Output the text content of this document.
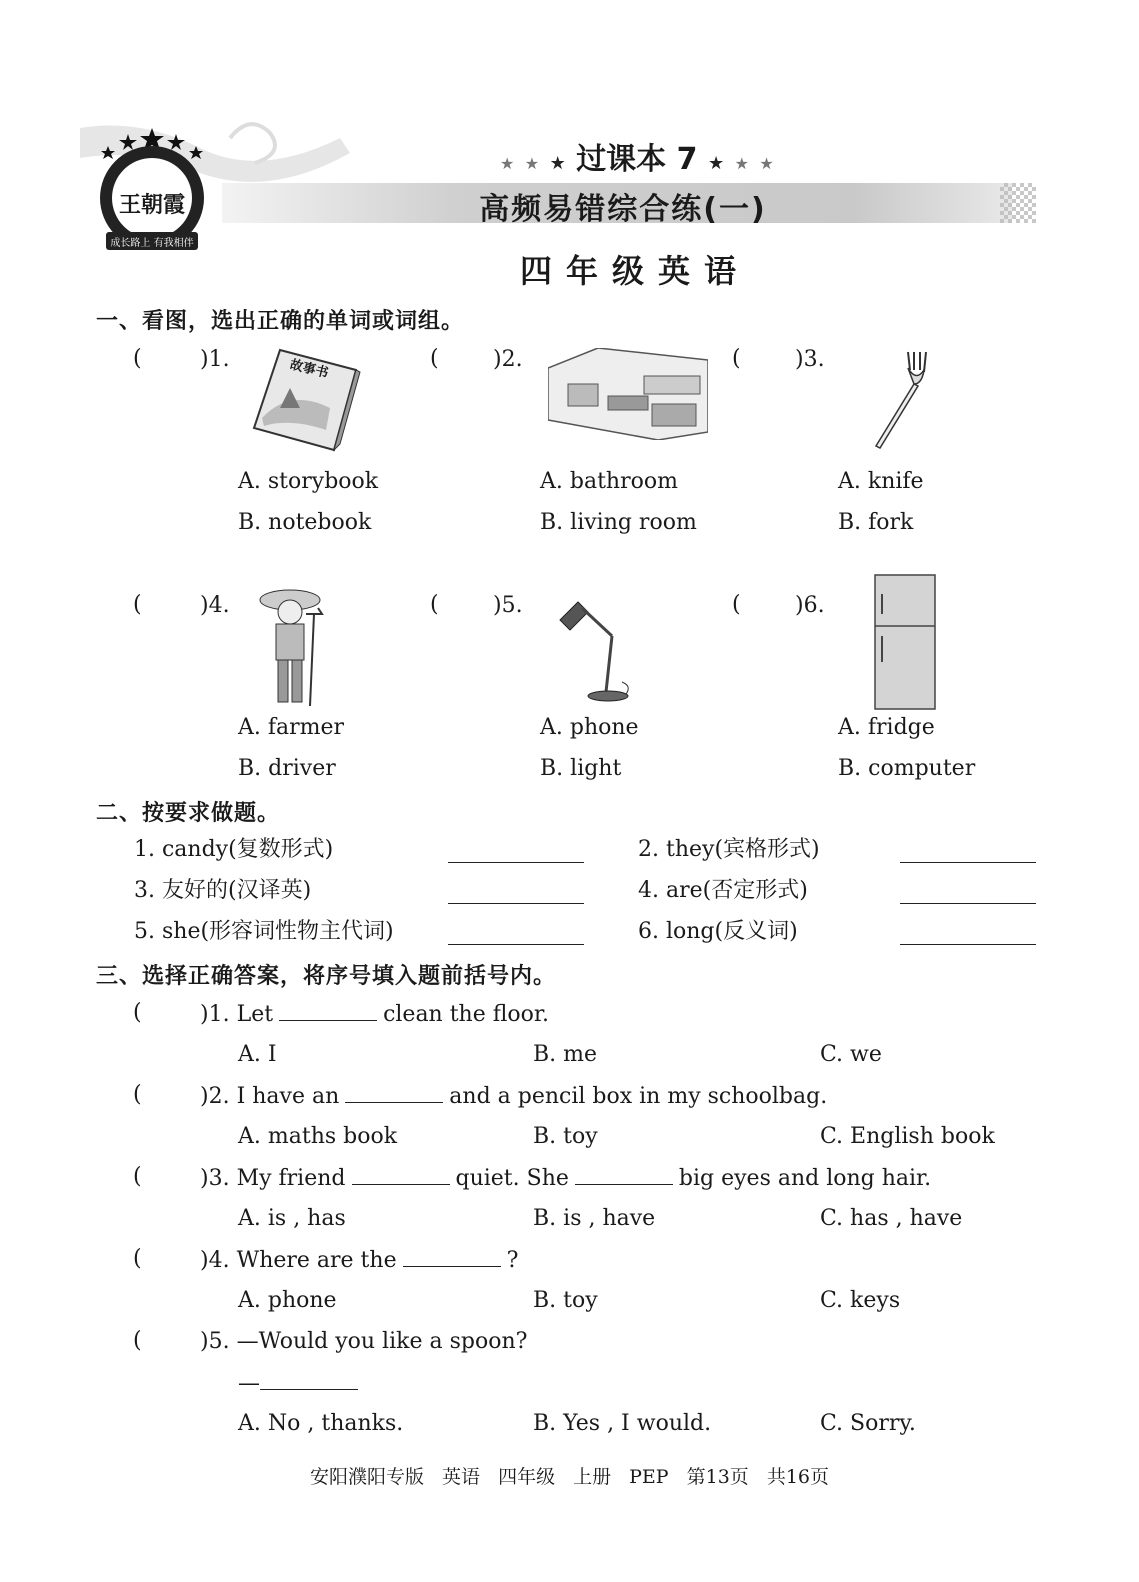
王朝霞
成长路上 有我相伴
★ ★ ★ 过课本 7 ★ ★ ★
高频易错综合练(一)
四年级英语
一、看图，选出正确的单词或词组。
(	)1.	( )2.	( )3.
故事书
A. storybook
B. notebook
A. bathroom
B. living room
A. knife
B. fork
(	)4.	( )5.	( )6.
A. farmer
B. driver
A. phone
B. light
A. fridge
B. computer
二、按要求做题。
1. candy(复数形式)	2. they(宾格形式)
3. 友好的(汉译英)	4. are(否定形式)
5. she(形容词性物主代词)	6. long(反义词)
三、选择正确答案，将序号填入题前括号内。
(	)1. Let	clean the floor.
A. I	B. me	C. we
(	)2. I have an	and a pencil box in my schoolbag.
A. maths book	B. toy	C. English book
(	)3. My friend	quiet. She	big eyes and long hair.
A. is , has	B. is , have	C. has , have
(	)4. Where are the	?
A. phone	B. toy	C. keys
(	)5. —Would you like a spoon?
—
A. No , thanks.	B. Yes , I would.	C. Sorry.
安阳濮阳专版 英语 四年级 上册 PEP 第13页 共16页
